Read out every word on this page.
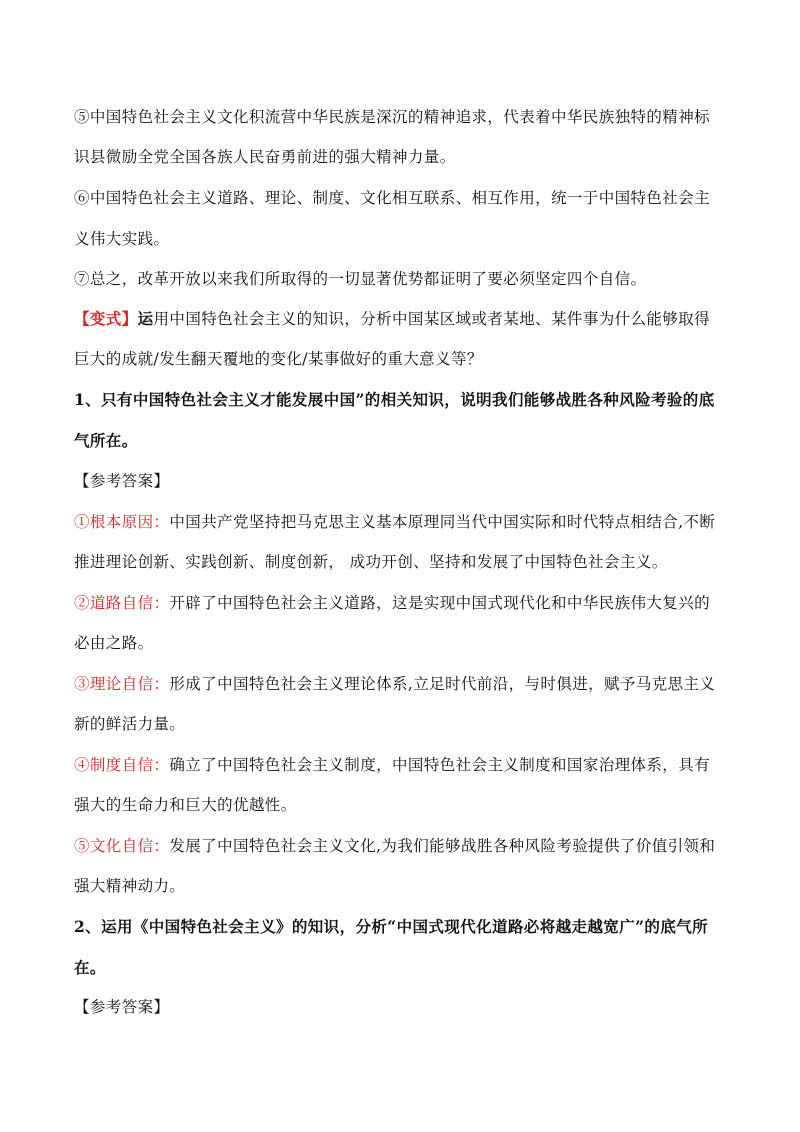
⑤中国特色社会主义文化积流营中华民族是深沉的精神追求，代表着中华民族独特的精神标
识县微励全党全国各族人民奋勇前进的强大精神力量。
⑥中国特色社会主义道路、理论、制度、文化相互联系、相互作用，统一于中国特色社会主
义伟大实践。
⑦总之，改革开放以来我们所取得的一切显著优势都证明了要必须坚定四个自信。
【变式】运用中国特色社会主义的知识，分析中国某区域或者某地、某件事为什么能够取得
巨大的成就/发生翻天覆地的变化/某事做好的重大意义等？
1、只有中国特色社会主义才能发展中国”的相关知识，说明我们能够战胜各种风险考验的底
气所在。
【参考答案】
①根本原因：中国共产党坚持把马克思主义基本原理同当代中国实际和时代特点相结合,不断
推进理论创新、实践创新、制度创新， 成功开创、坚持和发展了中国特色社会主义。
②道路自信：开辟了中国特色社会主义道路，这是实现中国式现代化和中华民族伟大复兴的
必由之路。
③理论自信：形成了中国特色社会主义理论体系,立足时代前沿，与时俱进，赋予马克思主义
新的鲜活力量。
④制度自信：确立了中国特色社会主义制度，中国特色社会主义制度和国家治理体系，具有
强大的生命力和巨大的优越性。
⑤文化自信：发展了中国特色社会主义文化,为我们能够战胜各种风险考验提供了价值引领和
强大精神动力。
2、运用《中国特色社会主义》的知识，分析“中国式现代化道路必将越走越宽广”的底气所
在。
【参考答案】
